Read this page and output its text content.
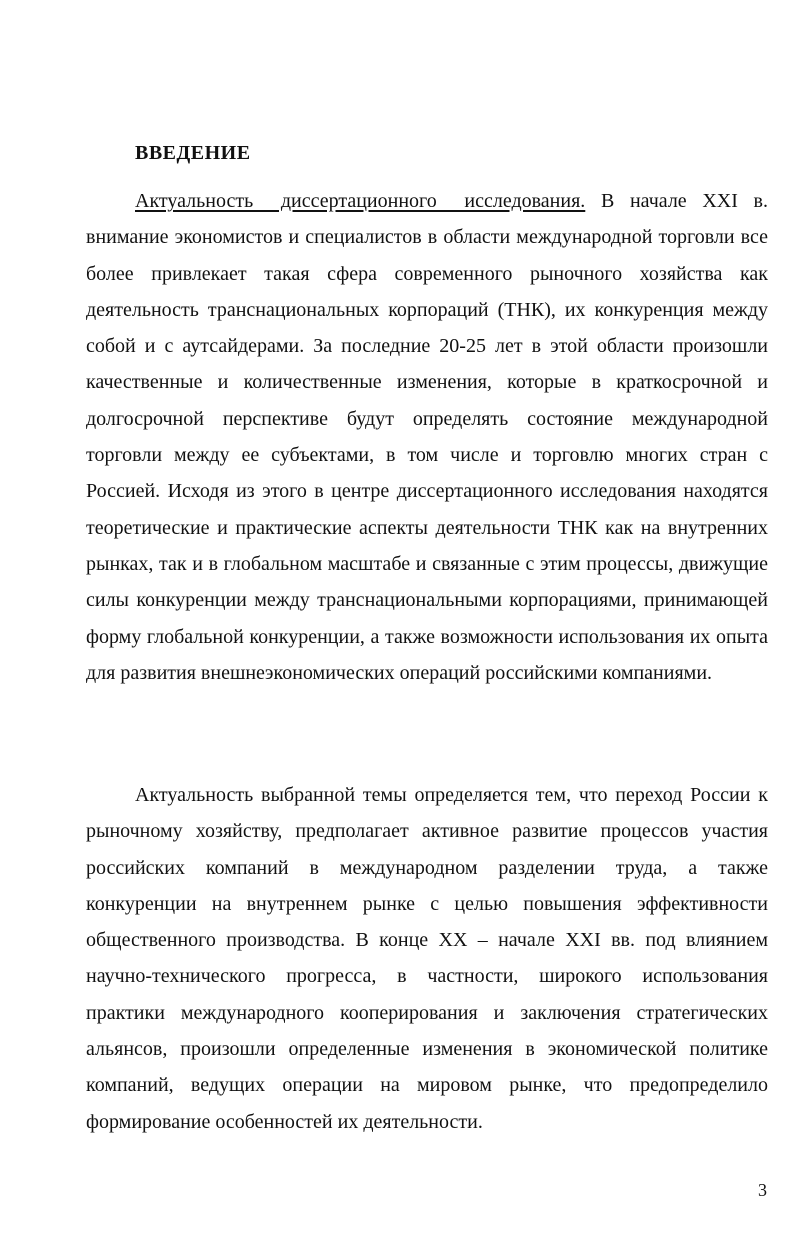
ВВЕДЕНИЕ

Актуальность диссертационного исследования. В начале XXI в. внимание экономистов и специалистов в области международной торговли все более привлекает такая сфера современного рыночного хозяйства как деятельность транснациональных корпораций (ТНК), их конкуренция между собой и с аутсайдерами. За последние 20-25 лет в этой области произошли качественные и количественные изменения, которые в краткосрочной и долгосрочной перспективе будут определять состояние международной торговли между ее субъектами, в том числе и торговлю многих стран с Россией. Исходя из этого в центре диссертационного исследования находятся теоретические и практические аспекты деятельности ТНК как на внутренних рынках, так и в глобальном масштабе и связанные с этим процессы, движущие силы конкуренции между транснациональными корпорациями, принимающей форму глобальной конкуренции, а также возможности использования их опыта для развития внешнеэкономических операций российскими компаниями.

Актуальность выбранной темы определяется тем, что переход России к рыночному хозяйству, предполагает активное развитие процессов участия российских компаний в международном разделении труда, а также конкуренции на внутреннем рынке с целью повышения эффективности общественного производства. В конце XX – начале XXI вв. под влиянием научно-технического прогресса, в частности, широкого использования практики международного кооперирования и заключения стратегических альянсов, произошли определенные изменения в экономической политике компаний, ведущих операции на мировом рынке, что предопределило формирование особенностей их деятельности.

3
